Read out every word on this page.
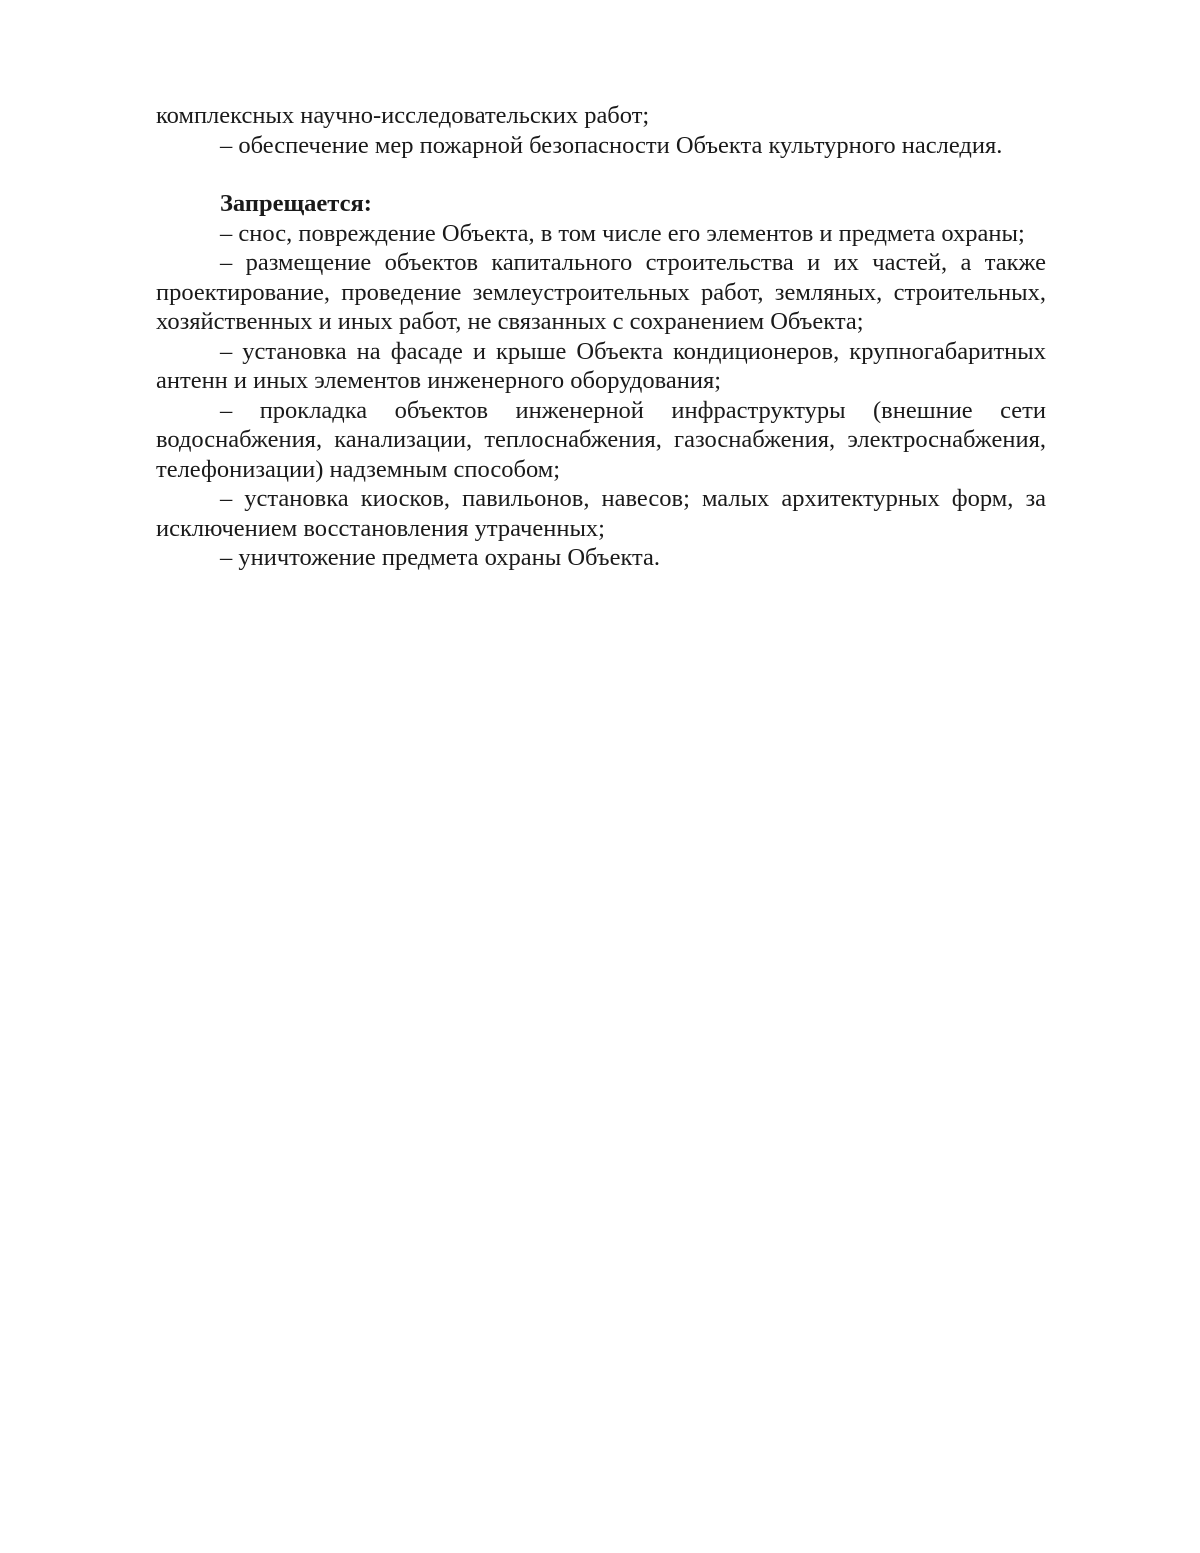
комплексных научно-исследовательских работ;

– обеспечение мер пожарной безопасности Объекта культурного наследия.

Запрещается:

– снос, повреждение Объекта, в том числе его элементов и предмета охраны;

– размещение объектов капитального строительства и их частей, а также проектирование, проведение землеустроительных работ, земляных, строительных, хозяйственных и иных работ, не связанных с сохранением Объекта;

– установка на фасаде и крыше Объекта кондиционеров, крупногабаритных антенн и иных элементов инженерного оборудования;

– прокладка объектов инженерной инфраструктуры (внешние сети водоснабжения, канализации, теплоснабжения, газоснабжения, электроснабжения, телефонизации) надземным способом;

– установка киосков, павильонов, навесов; малых архитектурных форм, за исключением восстановления утраченных;

– уничтожение предмета охраны Объекта.
